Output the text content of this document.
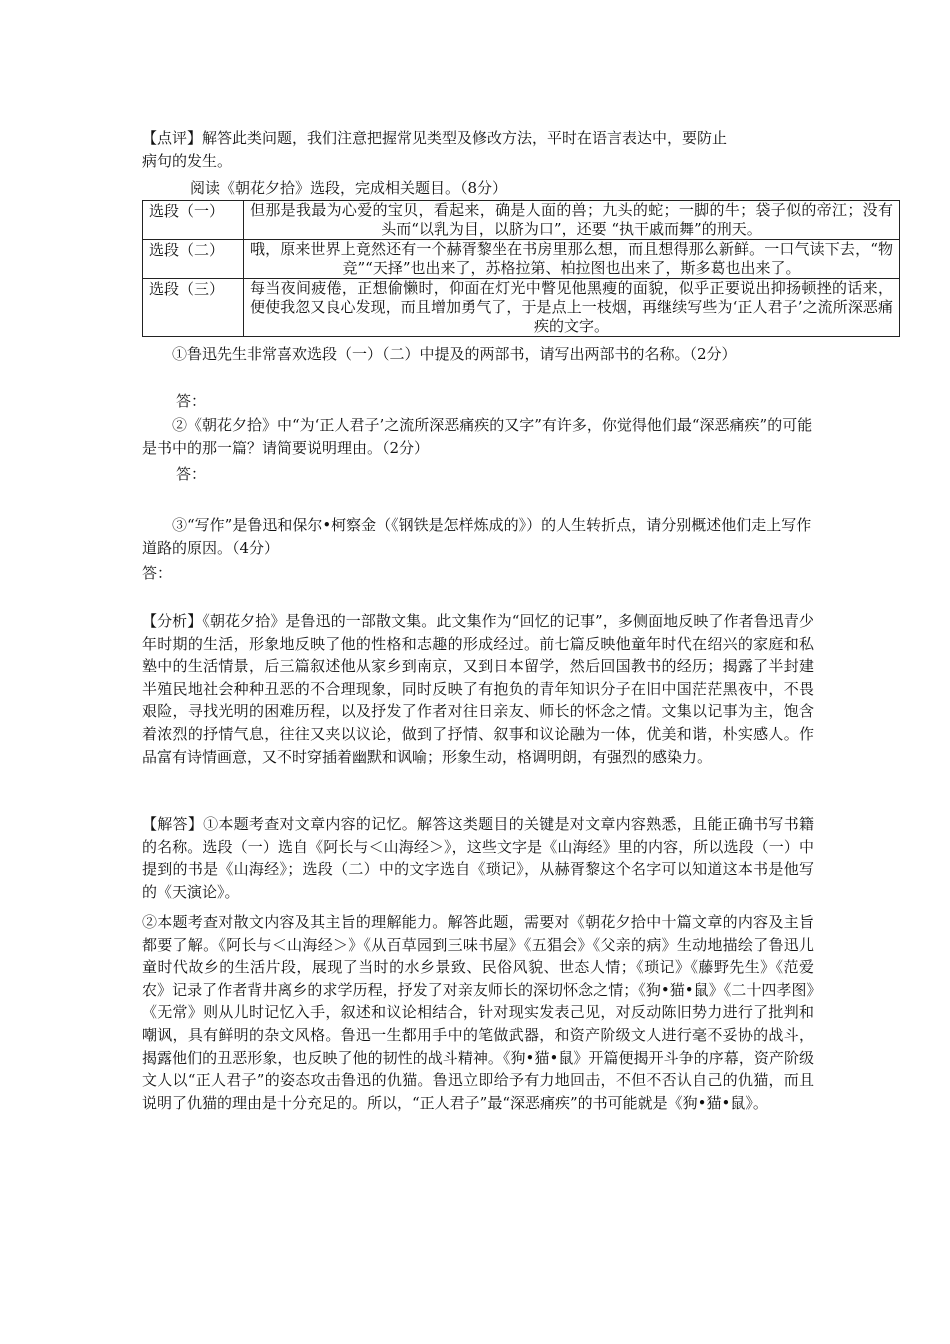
【点评】解答此类问题，我们注意把握常见类型及修改方法，平时在语言表达中，要防止
病句的发生。
阅读《朝花夕拾》选段，完成相关题目。（8分）
选段（一）	但那是我最为心爱的宝贝，看起来，确是人面的兽；九头的蛇；一脚的牛；袋子似的帝江；没有头而“以乳为目，以脐为口”，还要 “执干戚而舞”的刑天。
选段（二）	哦，原来世界上竟然还有一个赫胥黎坐在书房里那么想，而且想得那么新鲜。一口气读下去，“物竞”“天择”也出来了，苏格拉第、柏拉图也出来了，斯多葛也出来了。
选段（三）	每当夜间疲倦，正想偷懒时，仰面在灯光中瞥见他黑瘦的面貌，似乎正要说出抑扬顿挫的话来，便使我忽又良心发现，而且增加勇气了，于是点上一枝烟，再继续写些为‘正人君子’之流所深恶痛疾的文字。
①鲁迅先生非常喜欢选段（一）（二）中提及的两部书，请写出两部书的名称。（2分）
答：
②《朝花夕拾》中“为‘正人君子’之流所深恶痛疾的又字”有许多，你觉得他们最“深恶痛疾”的可能是书中的那一篇？请简要说明理由。（2分）
答：
③“写作”是鲁迅和保尔•柯察金（《钢铁是怎样炼成的》）的人生转折点，请分别概述他们走上写作道路的原因。（4分）
答：
【分析】《朝花夕拾》是鲁迅的一部散文集。此文集作为“回忆的记事”，多侧面地反映了作者鲁迅青少年时期的生活，形象地反映了他的性格和志趣的形成经过。前七篇反映他童年时代在绍兴的家庭和私塾中的生活情景，后三篇叙述他从家乡到南京，又到日本留学，然后回国教书的经历；揭露了半封建半殖民地社会种种丑恶的不合理现象，同时反映了有抱负的青年知识分子在旧中国茫茫黑夜中，不畏艰险，寻找光明的困难历程，以及抒发了作者对往日亲友、师长的怀念之情。文集以记事为主，饱含着浓烈的抒情气息，往往又夹以议论，做到了抒情、叙事和议论融为一体，优美和谐，朴实感人。作品富有诗情画意，又不时穿插着幽默和讽喻；形象生动，格调明朗，有强烈的感染力。
【解答】①本题考查对文章内容的记忆。解答这类题目的关键是对文章内容熟悉，且能正确书写书籍的名称。选段（一）选自《阿长与＜山海经＞》，这些文字是《山海经》里的内容，所以选段（一）中提到的书是《山海经》；选段（二）中的文字选自《琐记》，从赫胥黎这个名字可以知道这本书是他写的《天演论》。
②本题考查对散文内容及其主旨的理解能力。解答此题，需要对《朝花夕拾中十篇文章的内容及主旨都要了解。《阿长与＜山海经＞》《从百草园到三味书屋》《五猖会》《父亲的病》生动地描绘了鲁迅儿童时代故乡的生活片段，展现了当时的水乡景致、民俗风貌、世态人情；《琐记》《藤野先生》《范爱农》记录了作者背井离乡的求学历程，抒发了对亲友师长的深切怀念之情；《狗•猫•鼠》《二十四孝图》《无常》则从儿时记忆入手，叙述和议论相结合，针对现实发表己见，对反动陈旧势力进行了批判和嘲讽，具有鲜明的杂文风格。鲁迅一生都用手中的笔做武器，和资产阶级文人进行毫不妥协的战斗，揭露他们的丑恶形象，也反映了他的韧性的战斗精神。《狗•猫•鼠》开篇便揭开斗争的序幕，资产阶级文人以“正人君子”的姿态攻击鲁迅的仇猫。鲁迅立即给予有力地回击，不但不否认自己的仇猫，而且说明了仇猫的理由是十分充足的。所以，“正人君子”最“深恶痛疾”的书可能就是《狗•猫•鼠》。
